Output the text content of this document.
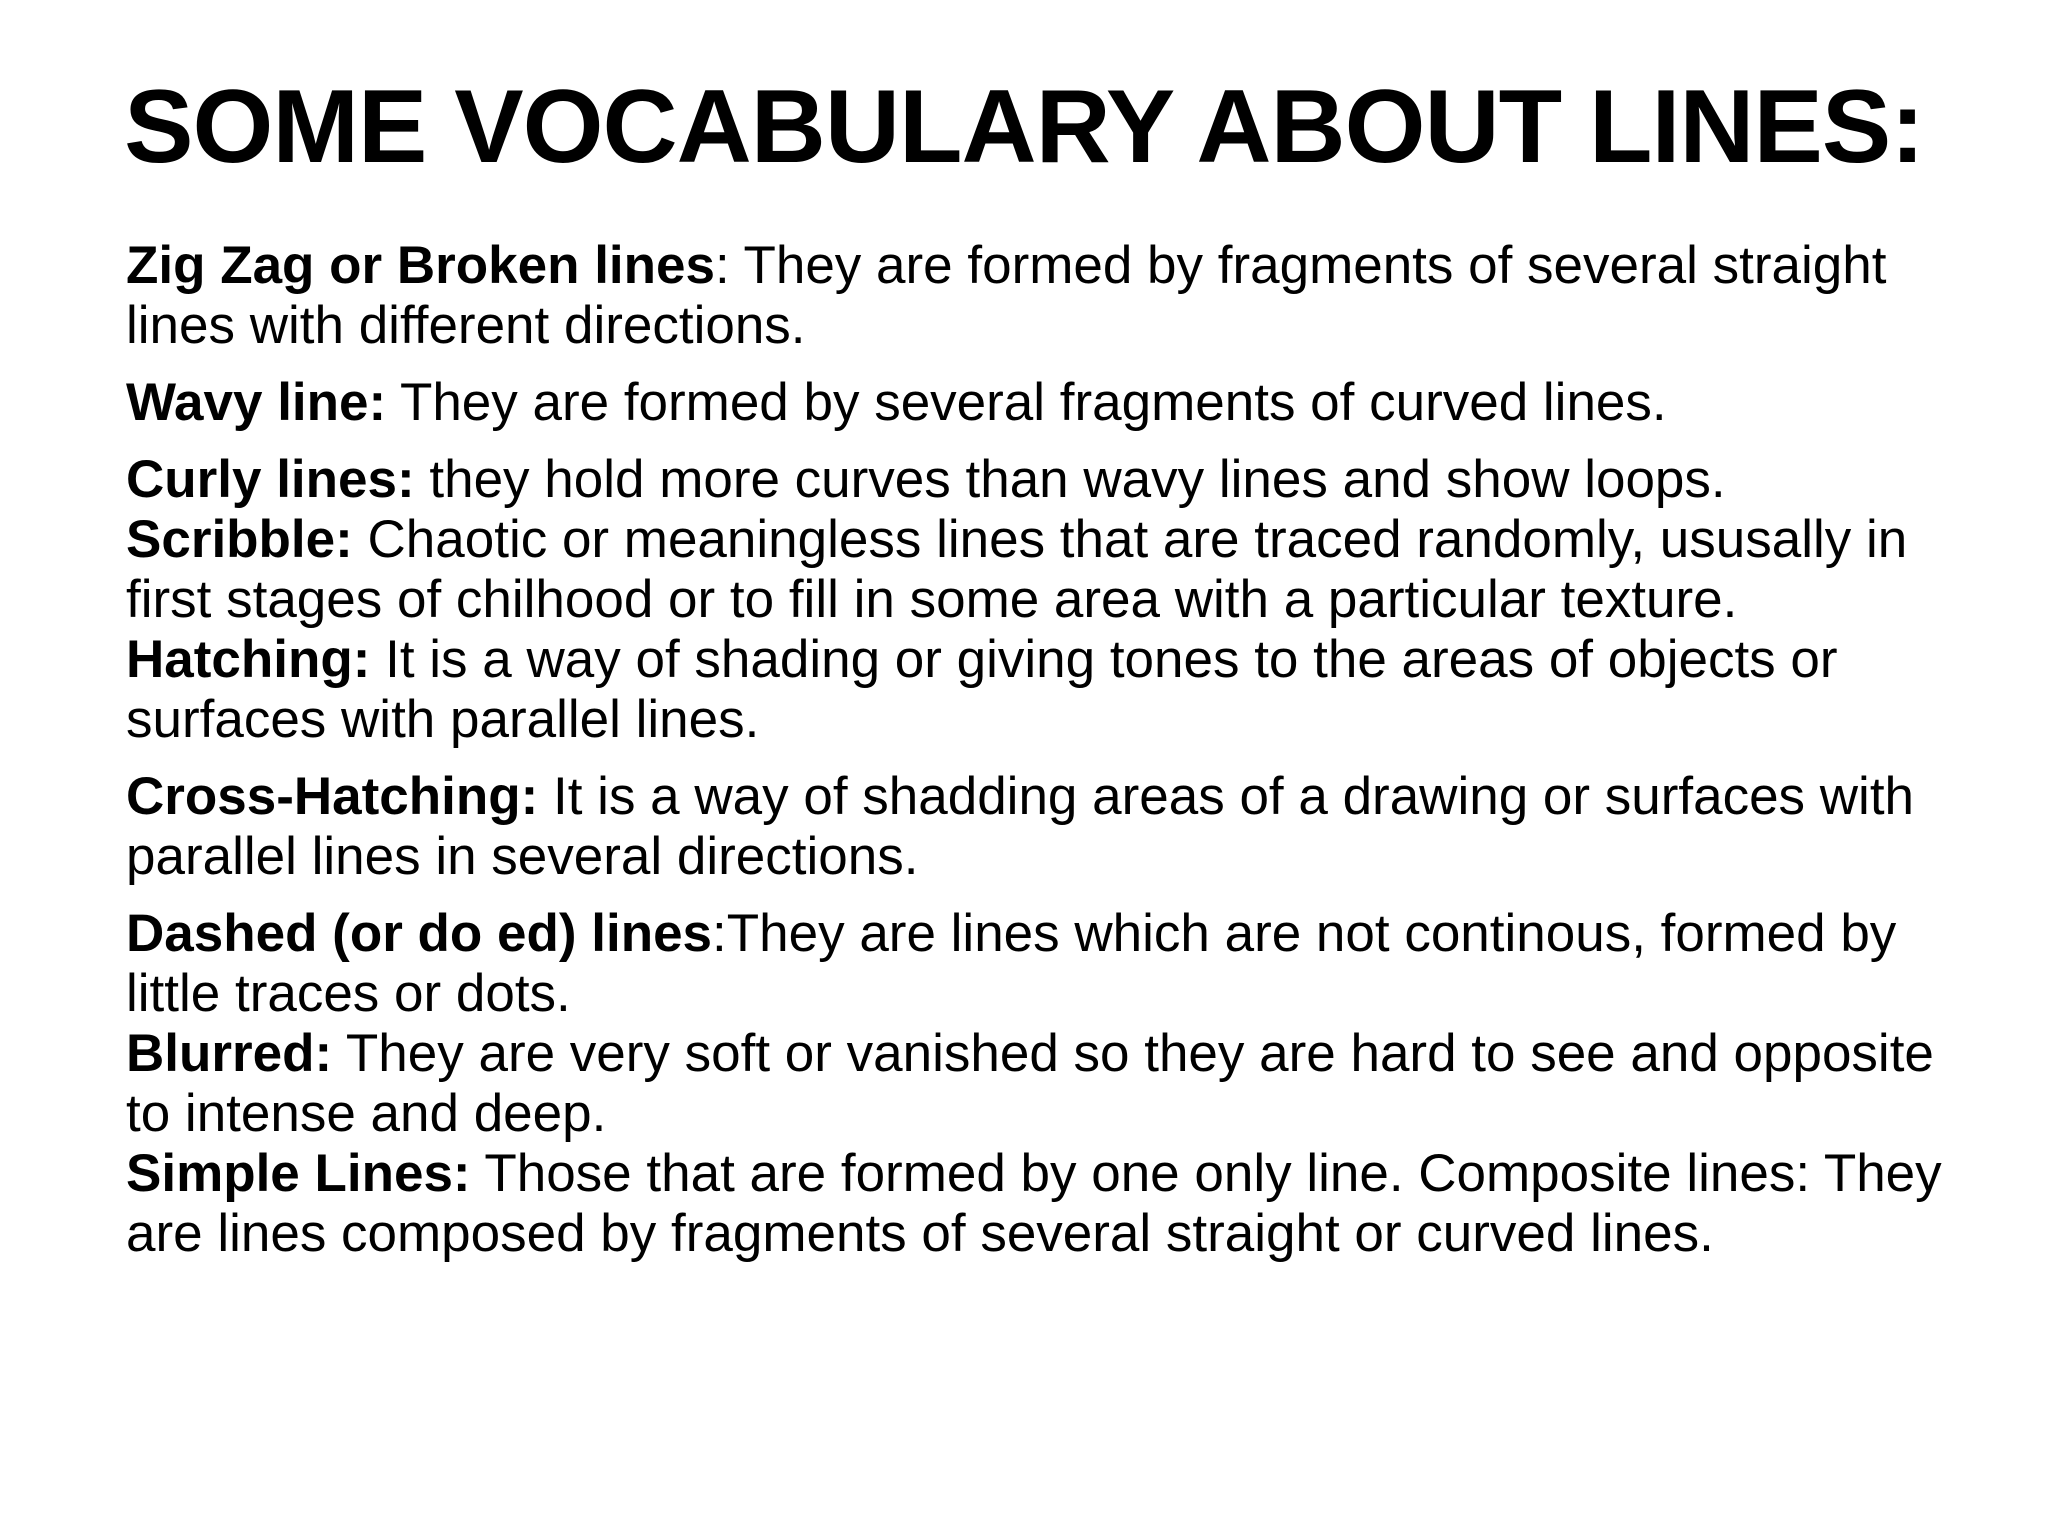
SOME VOCABULARY ABOUT LINES:

Zig Zag or Broken lines: They are formed by fragments of several straight lines with different directions.

Wavy line: They are formed by several fragments of curved lines.

Curly lines: they hold more curves than wavy lines and show loops.

Scribble: Chaotic or meaningless lines that are traced randomly, ususally in first stages of chilhood or to fill in some area with a particular texture.

Hatching: It is a way of shading or giving tones to the areas of objects or surfaces with parallel lines.

Cross-Hatching: It is a way of shadding areas of a drawing or surfaces with parallel lines in several directions.

Dashed (or do ed) lines:They are lines which are not continous, formed by little traces or dots.

Blurred: They are very soft or vanished so they are hard to see and opposite to intense and deep.

Simple Lines: Those that are formed by one only line. Composite lines: They are lines composed by fragments of several straight or curved lines.
